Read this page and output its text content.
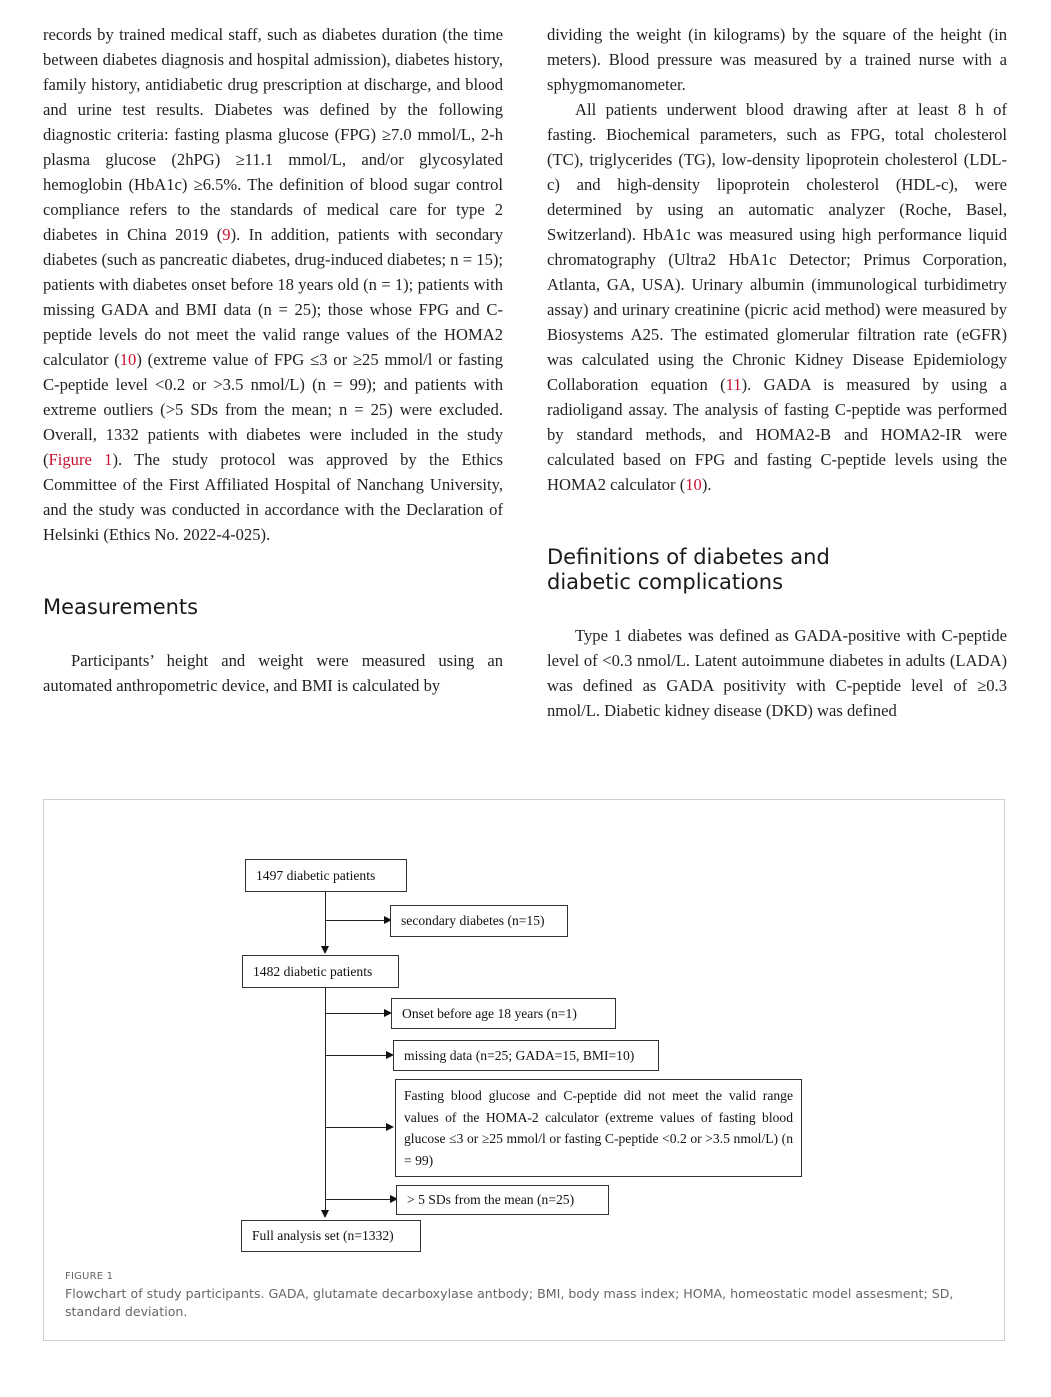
records by trained medical staff, such as diabetes duration (the time between diabetes diagnosis and hospital admission), diabetes history, family history, antidiabetic drug prescription at discharge, and blood and urine test results. Diabetes was defined by the following diagnostic criteria: fasting plasma glucose (FPG) ≥7.0 mmol/L, 2-h plasma glucose (2hPG) ≥11.1 mmol/L, and/or glycosylated hemoglobin (HbA1c) ≥6.5%. The definition of blood sugar control compliance refers to the standards of medical care for type 2 diabetes in China 2019 (9). In addition, patients with secondary diabetes (such as pancreatic diabetes, drug-induced diabetes; n = 15); patients with diabetes onset before 18 years old (n = 1); patients with missing GADA and BMI data (n = 25); those whose FPG and C-peptide levels do not meet the valid range values of the HOMA2 calculator (10) (extreme value of FPG ≤3 or ≥25 mmol/l or fasting C-peptide level <0.2 or >3.5 nmol/L) (n = 99); and patients with extreme outliers (>5 SDs from the mean; n = 25) were excluded. Overall, 1332 patients with diabetes were included in the study (Figure 1). The study protocol was approved by the Ethics Committee of the First Affiliated Hospital of Nanchang University, and the study was conducted in accordance with the Declaration of Helsinki (Ethics No. 2022-4-025).

Measurements

Participants’ height and weight were measured using an automated anthropometric device, and BMI is calculated by

dividing the weight (in kilograms) by the square of the height (in meters). Blood pressure was measured by a trained nurse with a sphygmomanometer.

All patients underwent blood drawing after at least 8 h of fasting. Biochemical parameters, such as FPG, total cholesterol (TC), triglycerides (TG), low-density lipoprotein cholesterol (LDL-c) and high-density lipoprotein cholesterol (HDL-c), were determined by using an automatic analyzer (Roche, Basel, Switzerland). HbA1c was measured using high performance liquid chromatography (Ultra2 HbA1c Detector; Primus Corporation, Atlanta, GA, USA). Urinary albumin (immunological turbidimetry assay) and urinary creatinine (picric acid method) were measured by Biosystems A25. The estimated glomerular filtration rate (eGFR) was calculated using the Chronic Kidney Disease Epidemiology Collaboration equation (11). GADA is measured by using a radioligand assay. The analysis of fasting C-peptide was performed by standard methods, and HOMA2-B and HOMA2-IR were calculated based on FPG and fasting C-peptide levels using the HOMA2 calculator (10).

Definitions of diabetes and diabetic complications

Type 1 diabetes was defined as GADA-positive with C-peptide level of <0.3 nmol/L. Latent autoimmune diabetes in adults (LADA) was defined as GADA positivity with C-peptide level of ≥0.3 nmol/L. Diabetic kidney disease (DKD) was defined

1497 diabetic patients
secondary diabetes (n=15)
1482 diabetic patients
Onset before age 18 years (n=1)
missing data (n=25; GADA=15, BMI=10)
Fasting blood glucose and C-peptide did not meet the valid range values of the HOMA-2 calculator (extreme values of fasting blood glucose ≤3 or ≥25 mmol/l or fasting C-peptide <0.2 or >3.5 nmol/L) (n = 99)
> 5 SDs from the mean (n=25)
Full analysis set (n=1332)
FIGURE 1
Flowchart of study participants. GADA, glutamate decarboxylase antbody; BMI, body mass index; HOMA, homeostatic model assesment; SD, standard deviation.
